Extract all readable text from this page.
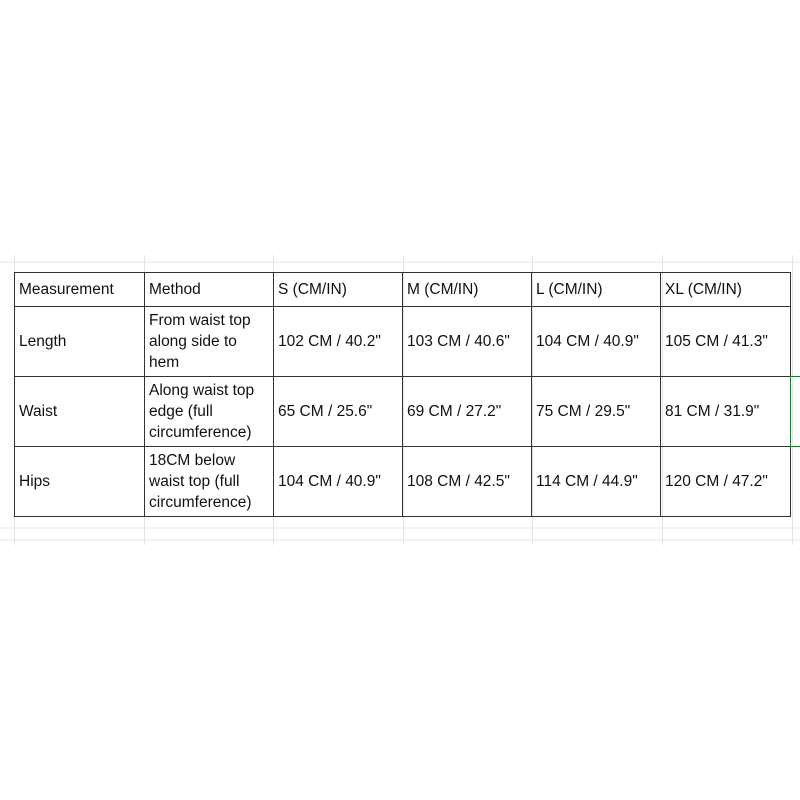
Measurement	Method	S (CM/IN)	M (CM/IN)	L (CM/IN)	XL (CM/IN)
Length	From waist top along side to hem	102 CM / 40.2"	103 CM / 40.6"	104 CM / 40.9"	105 CM / 41.3"
Waist	Along waist top edge (full circumference)	65 CM / 25.6"	69 CM / 27.2"	75 CM / 29.5"	81 CM / 31.9"
Hips	18CM below waist top (full circumference)	104 CM / 40.9"	108 CM / 42.5"	114 CM / 44.9"	120 CM / 47.2"
